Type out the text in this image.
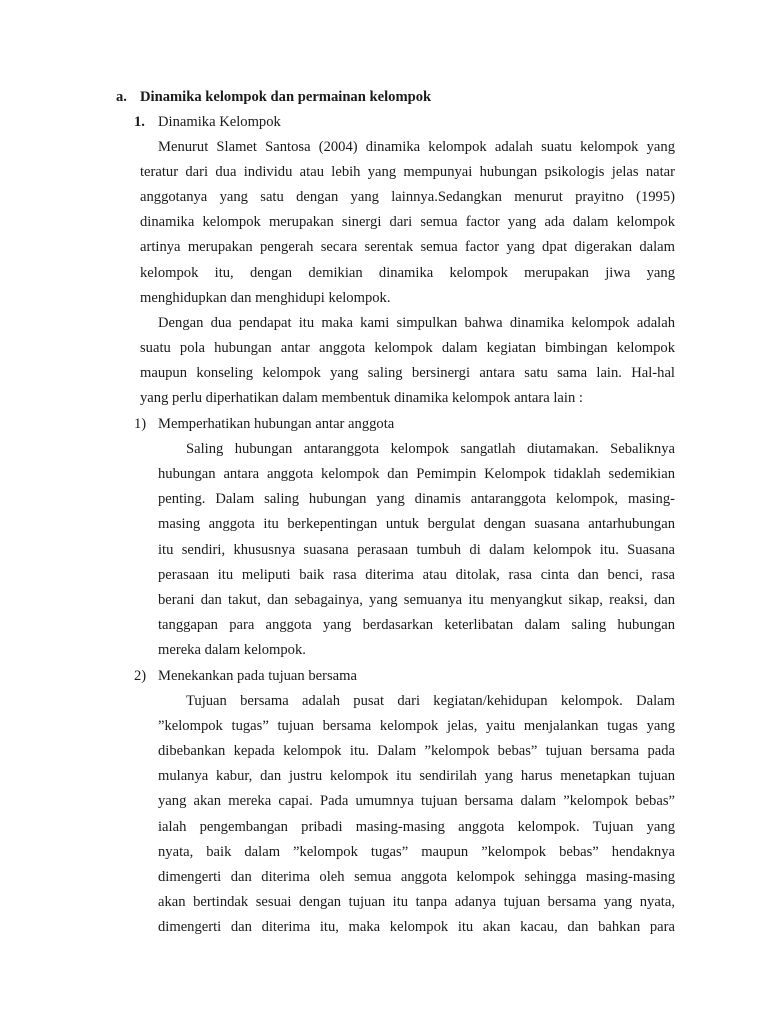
a. Dinamika kelompok dan permainan kelompok
1. Dinamika Kelompok
Menurut Slamet Santosa (2004) dinamika kelompok adalah suatu kelompok yang
teratur dari dua individu atau lebih yang mempunyai hubungan psikologis jelas natar
anggotanya yang satu dengan yang lainnya.Sedangkan menurut prayitno (1995)
dinamika kelompok merupakan sinergi dari semua factor yang ada dalam kelompok
artinya merupakan pengerah secara serentak semua factor yang dpat digerakan dalam
kelompok itu, dengan demikian dinamika kelompok merupakan jiwa yang
menghidupkan dan menghidupi kelompok.
Dengan dua pendapat itu maka kami simpulkan bahwa dinamika kelompok adalah
suatu pola hubungan antar anggota kelompok dalam kegiatan bimbingan kelompok
maupun konseling kelompok yang saling bersinergi antara satu sama lain. Hal-hal
yang perlu diperhatikan dalam membentuk dinamika kelompok antara lain :
1) Memperhatikan hubungan antar anggota
Saling hubungan antaranggota kelompok sangatlah diutamakan. Sebaliknya
hubungan antara anggota kelompok dan Pemimpin Kelompok tidaklah sedemikian
penting. Dalam saling hubungan yang dinamis antaranggota kelompok, masing-
masing anggota itu berkepentingan untuk bergulat dengan suasana antarhubungan
itu sendiri, khususnya suasana perasaan tumbuh di dalam kelompok itu. Suasana
perasaan itu meliputi baik rasa diterima atau ditolak, rasa cinta dan benci, rasa
berani dan takut, dan sebagainya, yang semuanya itu menyangkut sikap, reaksi, dan
tanggapan para anggota yang berdasarkan keterlibatan dalam saling hubungan
mereka dalam kelompok.
2) Menekankan pada tujuan bersama
Tujuan bersama adalah pusat dari kegiatan/kehidupan kelompok. Dalam
”kelompok tugas” tujuan bersama kelompok jelas, yaitu menjalankan tugas yang
dibebankan kepada kelompok itu. Dalam ”kelompok bebas” tujuan bersama pada
mulanya kabur, dan justru kelompok itu sendirilah yang harus menetapkan tujuan
yang akan mereka capai. Pada umumnya tujuan bersama dalam ”kelompok bebas”
ialah pengembangan pribadi masing-masing anggota kelompok. Tujuan yang
nyata, baik dalam ”kelompok tugas” maupun ”kelompok bebas” hendaknya
dimengerti dan diterima oleh semua anggota kelompok sehingga masing-masing
akan bertindak sesuai dengan tujuan itu tanpa adanya tujuan bersama yang nyata,
dimengerti dan diterima itu, maka kelompok itu akan kacau, dan bahkan para
